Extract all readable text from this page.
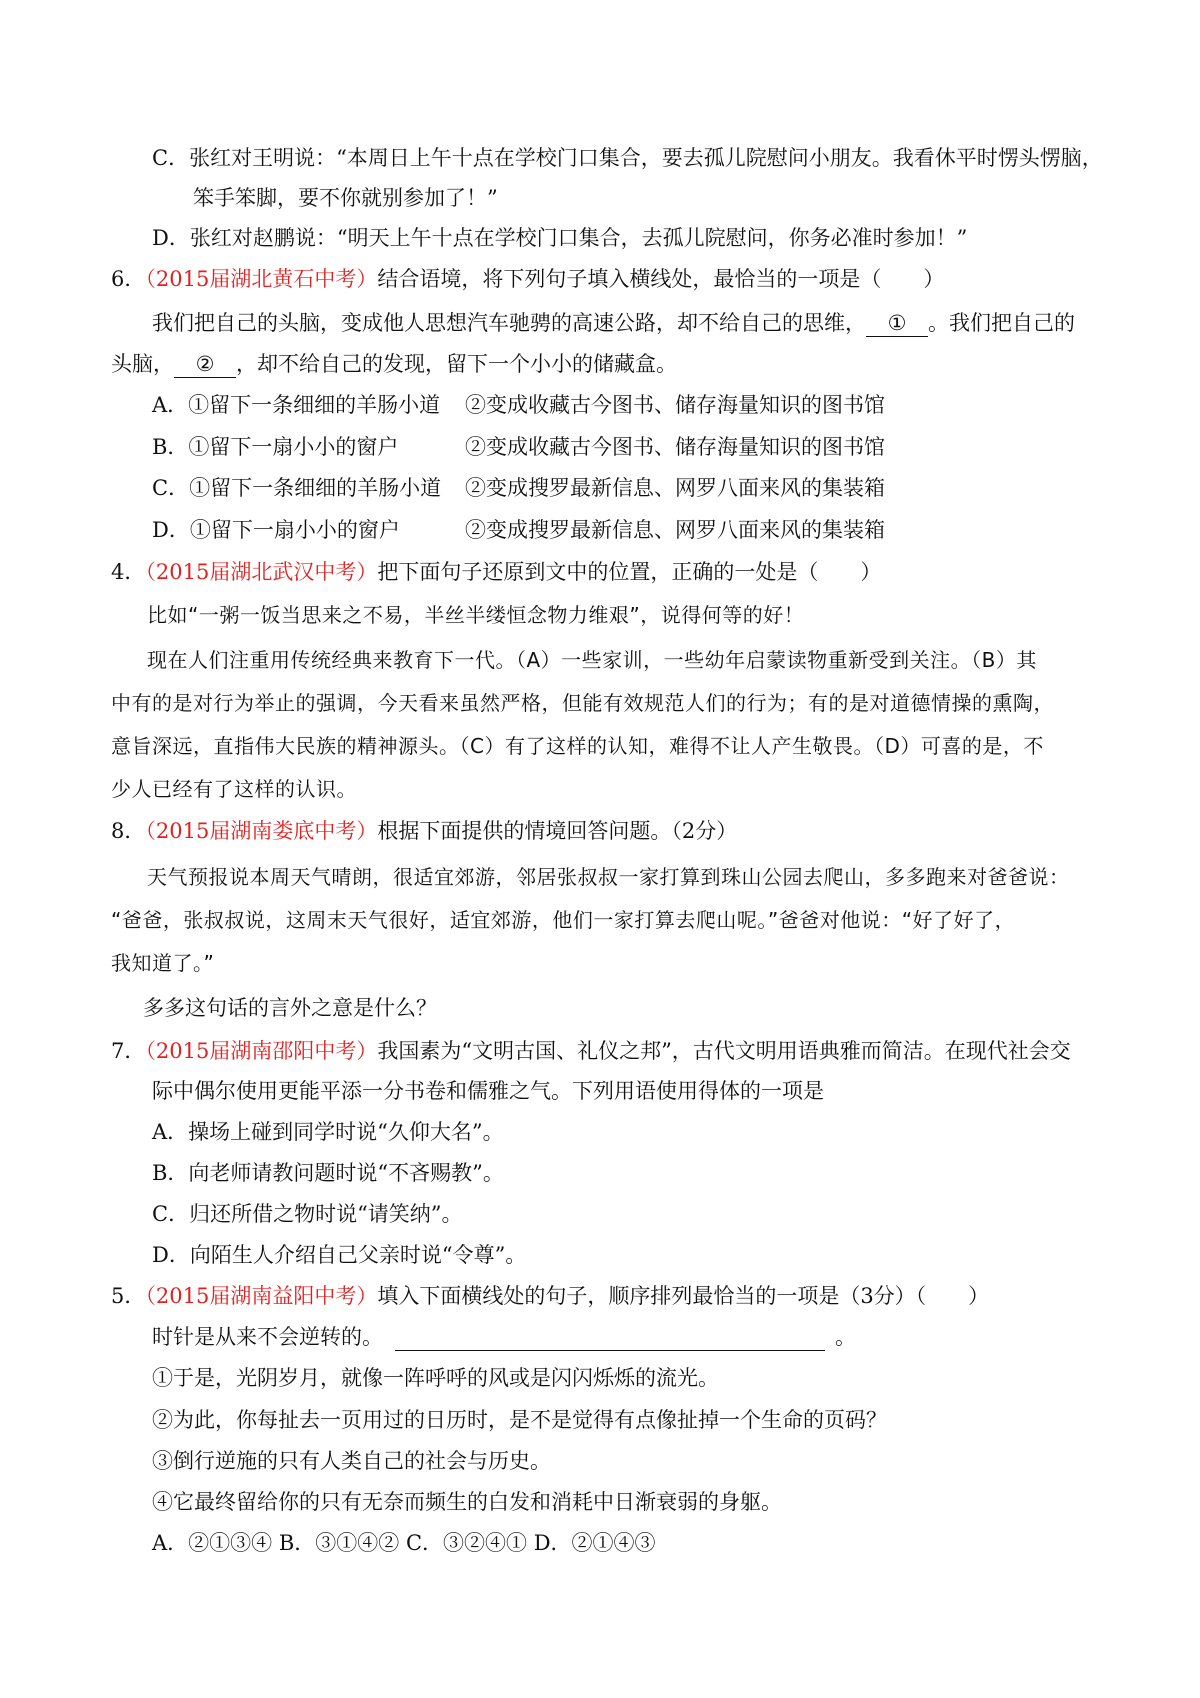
C．张红对王明说：“本周日上午十点在学校门口集合，要去孤儿院慰问小朋友。我看休平时愣头愣脑，
笨手笨脚，要不你就别参加了！”
D．张红对赵鹏说：“明天上午十点在学校门口集合，去孤儿院慰问，你务必准时参加！”
6．（2015届湖北黄石中考）结合语境，将下列句子填入横线处，最恰当的一项是（　　）
我们把自己的头脑，变成他人思想汽车驰骋的高速公路，却不给自己的思维， ① 。我们把自己的
头脑， ② ，却不给自己的发现，留下一个小小的储藏盒。
A．①留下一条细细的羊肠小道 ②变成收藏古今图书、储存海量知识的图书馆
B．①留下一扇小小的窗户	②变成收藏古今图书、储存海量知识的图书馆
C．①留下一条细细的羊肠小道 ②变成搜罗最新信息、网罗八面来风的集装箱
D．①留下一扇小小的窗户	②变成搜罗最新信息、网罗八面来风的集装箱
4．（2015届湖北武汉中考）把下面句子还原到文中的位置，正确的一处是（　　）
比如“一粥一饭当思来之不易，半丝半缕恒念物力维艰”，说得何等的好！
现在人们注重用传统经典来教育下一代。（A）一些家训，一些幼年启蒙读物重新受到关注。（B）其
中有的是对行为举止的强调，今天看来虽然严格，但能有效规范人们的行为；有的是对道德情操的熏陶，
意旨深远，直指伟大民族的精神源头。（C）有了这样的认知，难得不让人产生敬畏。（D）可喜的是，不
少人已经有了这样的认识。
8．（2015届湖南娄底中考）根据下面提供的情境回答问题。（2分）
天气预报说本周天气晴朗，很适宜郊游，邻居张叔叔一家打算到珠山公园去爬山，多多跑来对爸爸说：
“爸爸，张叔叔说，这周末天气很好，适宜郊游，他们一家打算去爬山呢。”爸爸对他说：“好了好了，
我知道了。”
多多这句话的言外之意是什么？
7．（2015届湖南邵阳中考）我国素为“文明古国、礼仪之邦”，古代文明用语典雅而简洁。在现代社会交
际中偶尔使用更能平添一分书卷和儒雅之气。下列用语使用得体的一项是
A．操场上碰到同学时说“久仰大名”。
B．向老师请教问题时说“不吝赐教”。
C．归还所借之物时说“请笑纳”。
D．向陌生人介绍自己父亲时说“令尊”。
5．（2015届湖南益阳中考）填入下面横线处的句子，顺序排列最恰当的一项是（3分）（　　）
时针是从来不会逆转的。	。
①于是，光阴岁月，就像一阵呼呼的风或是闪闪烁烁的流光。
②为此，你每扯去一页用过的日历时，是不是觉得有点像扯掉一个生命的页码？
③倒行逆施的只有人类自己的社会与历史。
④它最终留给你的只有无奈而频生的白发和消耗中日渐衰弱的身躯。
A．②①③④ B．③①④② C．③②④① D．②①④③
